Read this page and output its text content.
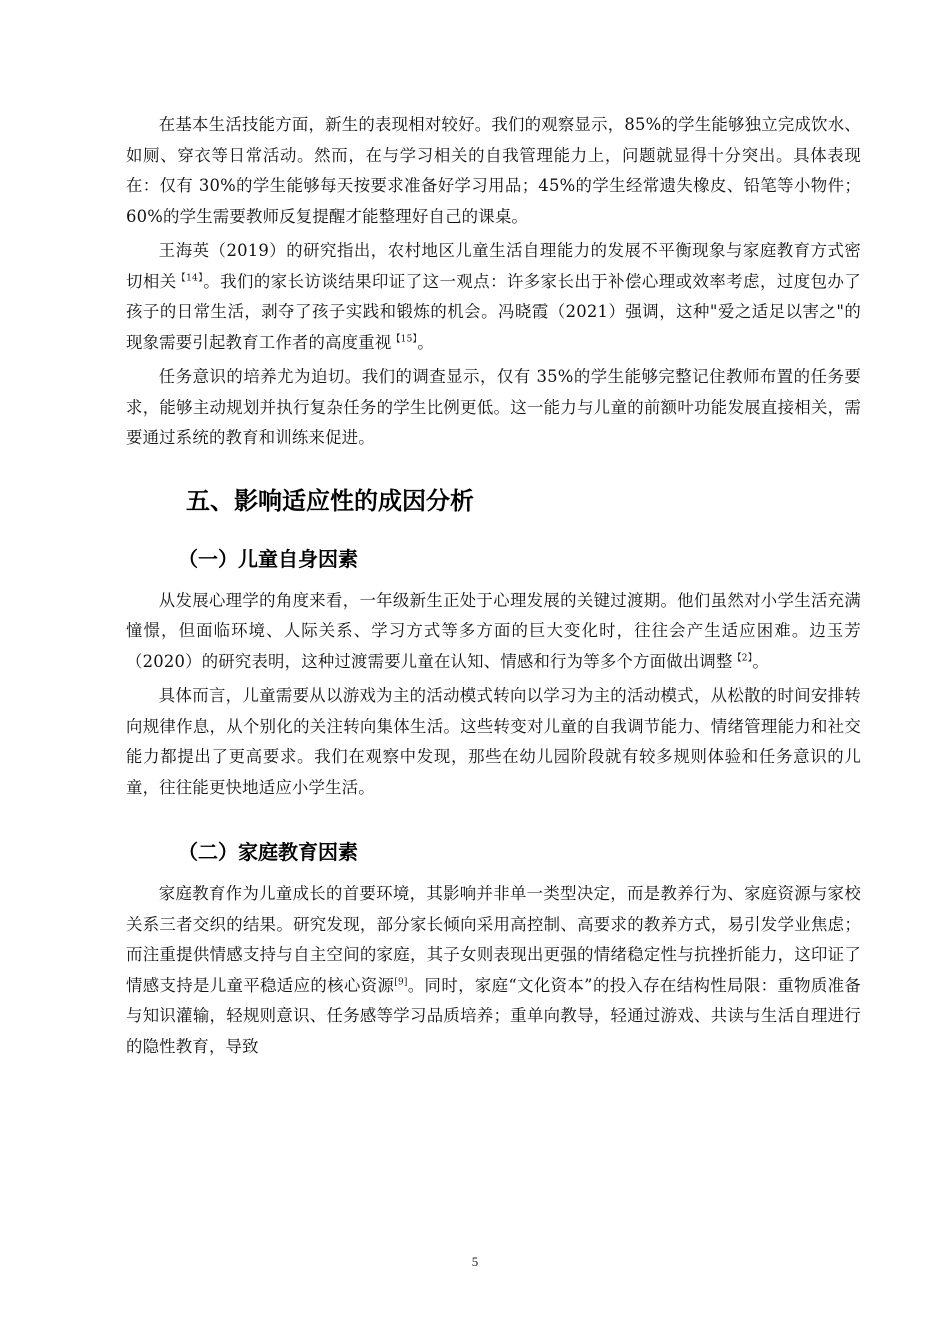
在基本生活技能方面，新生的表现相对较好。我们的观察显示，85%的学生能够独立完成饮水、如厕、穿衣等日常活动。然而，在与学习相关的自我管理能力上，问题就显得十分突出。具体表现在：仅有 30%的学生能够每天按要求准备好学习用品；45%的学生经常遗失橡皮、铅笔等小物件；60%的学生需要教师反复提醒才能整理好自己的课桌。

王海英（2019）的研究指出，农村地区儿童生活自理能力的发展不平衡现象与家庭教育方式密切相关$^{【14】}$。我们的家长访谈结果印证了这一观点：许多家长出于补偿心理或效率考虑，过度包办了孩子的日常生活，剥夺了孩子实践和锻炼的机会。冯晓霞（2021）强调，这种"爱之适足以害之"的现象需要引起教育工作者的高度重视$^{【15】}$。

任务意识的培养尤为迫切。我们的调查显示，仅有 35%的学生能够完整记住教师布置的任务要求，能够主动规划并执行复杂任务的学生比例更低。这一能力与儿童的前额叶功能发展直接相关，需要通过系统的教育和训练来促进。

五、影响适应性的成因分析
（一）儿童自身因素

从发展心理学的角度来看，一年级新生正处于心理发展的关键过渡期。他们虽然对小学生活充满憧憬，但面临环境、人际关系、学习方式等多方面的巨大变化时，往往会产生适应困难。边玉芳（2020）的研究表明，这种过渡需要儿童在认知、情感和行为等多个方面做出调整$^{【2】}$。

具体而言，儿童需要从以游戏为主的活动模式转向以学习为主的活动模式，从松散的时间安排转向规律作息，从个别化的关注转向集体生活。这些转变对儿童的自我调节能力、情绪管理能力和社交能力都提出了更高要求。我们在观察中发现，那些在幼儿园阶段就有较多规则体验和任务意识的儿童，往往能更快地适应小学生活。

（二）家庭教育因素

家庭教育作为儿童成长的首要环境，其影响并非单一类型决定，而是教养行为、家庭资源与家校关系三者交织的结果。研究发现，部分家长倾向采用高控制、高要求的教养方式，易引发学业焦虑；而注重提供情感支持与自主空间的家庭，其子女则表现出更强的情绪稳定性与抗挫折能力，这印证了情感支持是儿童平稳适应的核心资源[9]。同时，家庭“文化资本”的投入存在结构性局限：重物质准备与知识灌输，轻规则意识、任务感等学习品质培养；重单向教导，轻通过游戏、共读与生活自理进行的隐性教育，导致

5
